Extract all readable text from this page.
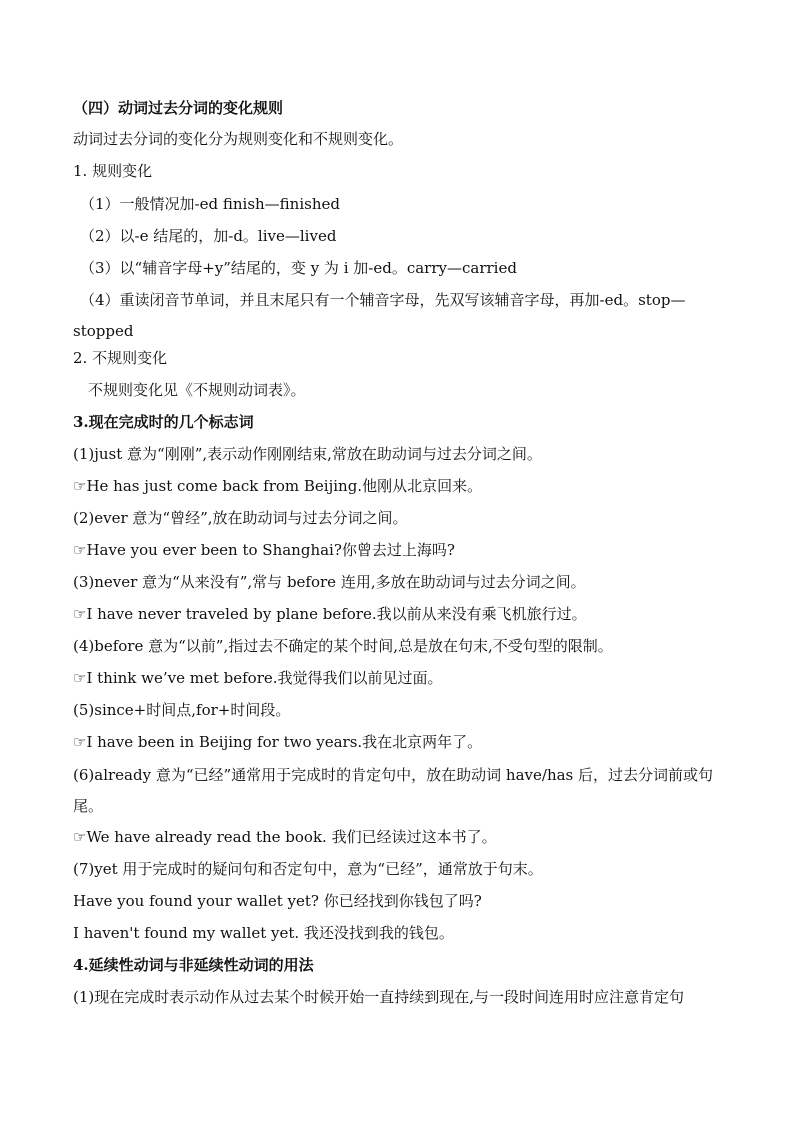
（四）动词过去分词的变化规则
动词过去分词的变化分为规则变化和不规则变化。
1. 规则变化
（1）一般情况加-ed finish—finished
（2）以-e 结尾的，加-d。live—lived
（3）以“辅音字母+y”结尾的，变 y 为 i 加-ed。carry—carried
（4）重读闭音节单词，并且末尾只有一个辅音字母，先双写该辅音字母，再加-ed。stop—stopped
2. 不规则变化
不规则变化见《不规则动词表》。
3.现在完成时的几个标志词
(1)just 意为“刚刚”,表示动作刚刚结束,常放在助动词与过去分词之间。
☞He has just come back from Beijing.他刚从北京回来。
(2)ever 意为“曾经”,放在助动词与过去分词之间。
☞Have you ever been to Shanghai?你曾去过上海吗?
(3)never 意为“从来没有”,常与 before 连用,多放在助动词与过去分词之间。
☞I have never traveled by plane before.我以前从来没有乘飞机旅行过。
(4)before 意为“以前”,指过去不确定的某个时间,总是放在句末,不受句型的限制。
☞I think we’ve met before.我觉得我们以前见过面。
(5)since+时间点,for+时间段。
☞I have been in Beijing for two years.我在北京两年了。
(6)already 意为“已经”通常用于完成时的肯定句中，放在助动词 have/has 后，过去分词前或句尾。
☞We have already read the book. 我们已经读过这本书了。
(7)yet 用于完成时的疑问句和否定句中，意为“已经”，通常放于句末。
Have you found your wallet yet? 你已经找到你钱包了吗?
I haven't found my wallet yet. 我还没找到我的钱包。
4.延续性动词与非延续性动词的用法
(1)现在完成时表示动作从过去某个时候开始一直持续到现在,与一段时间连用时应注意肯定句
